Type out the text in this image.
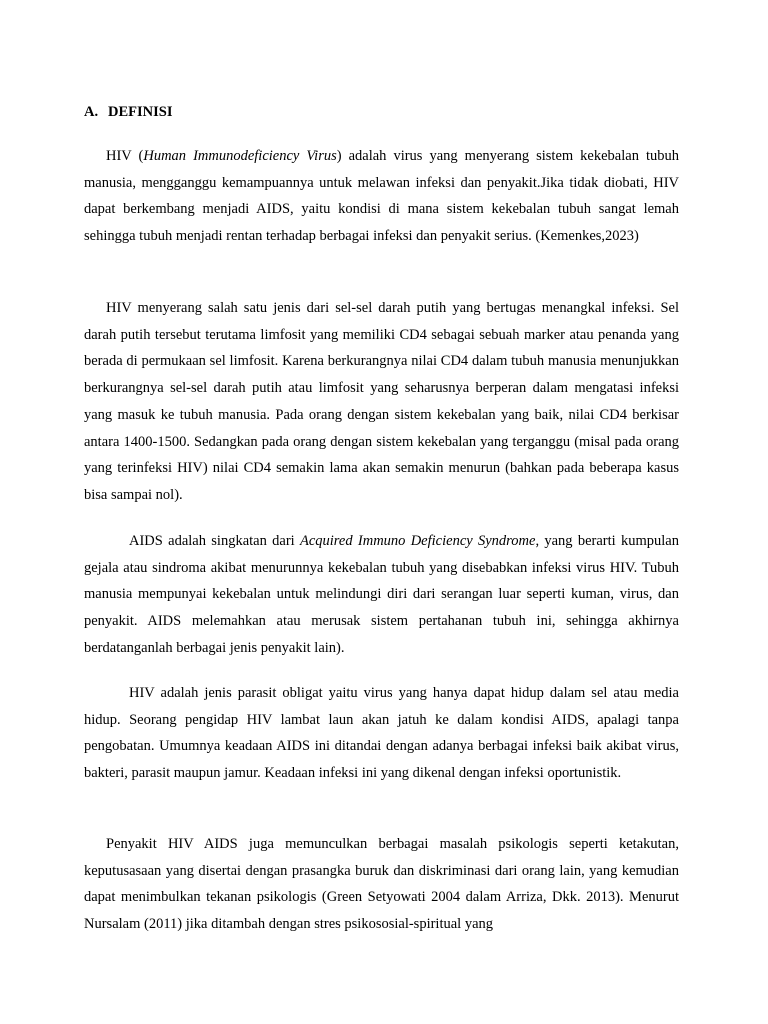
A. DEFINISI

HIV (Human Immunodeficiency Virus) adalah virus yang menyerang sistem kekebalan tubuh manusia, mengganggu kemampuannya untuk melawan infeksi dan penyakit.Jika tidak diobati, HIV dapat berkembang menjadi AIDS, yaitu kondisi di mana sistem kekebalan tubuh sangat lemah sehingga tubuh menjadi rentan terhadap berbagai infeksi dan penyakit serius. (Kemenkes,2023)

HIV menyerang salah satu jenis dari sel-sel darah putih yang bertugas menangkal infeksi. Sel darah putih tersebut terutama limfosit yang memiliki CD4 sebagai sebuah marker atau penanda yang berada di permukaan sel limfosit. Karena berkurangnya nilai CD4 dalam tubuh manusia menunjukkan berkurangnya sel-sel darah putih atau limfosit yang seharusnya berperan dalam mengatasi infeksi yang masuk ke tubuh manusia. Pada orang dengan sistem kekebalan yang baik, nilai CD4 berkisar antara 1400-1500. Sedangkan pada orang dengan sistem kekebalan yang terganggu (misal pada orang yang terinfeksi HIV) nilai CD4 semakin lama akan semakin menurun (bahkan pada beberapa kasus bisa sampai nol).

AIDS adalah singkatan dari Acquired Immuno Deficiency Syndrome, yang berarti kumpulan gejala atau sindroma akibat menurunnya kekebalan tubuh yang disebabkan infeksi virus HIV. Tubuh manusia mempunyai kekebalan untuk melindungi diri dari serangan luar seperti kuman, virus, dan penyakit. AIDS melemahkan atau merusak sistem pertahanan tubuh ini, sehingga akhirnya berdatanganlah berbagai jenis penyakit lain).

HIV adalah jenis parasit obligat yaitu virus yang hanya dapat hidup dalam sel atau media hidup. Seorang pengidap HIV lambat laun akan jatuh ke dalam kondisi AIDS, apalagi tanpa pengobatan. Umumnya keadaan AIDS ini ditandai dengan adanya berbagai infeksi baik akibat virus, bakteri, parasit maupun jamur. Keadaan infeksi ini yang dikenal dengan infeksi oportunistik.

Penyakit HIV AIDS juga memunculkan berbagai masalah psikologis seperti ketakutan, keputusasaan yang disertai dengan prasangka buruk dan diskriminasi dari orang lain, yang kemudian dapat menimbulkan tekanan psikologis (Green Setyowati 2004 dalam Arriza, Dkk. 2013). Menurut Nursalam (2011) jika ditambah dengan stres psikososial-spiritual yang
